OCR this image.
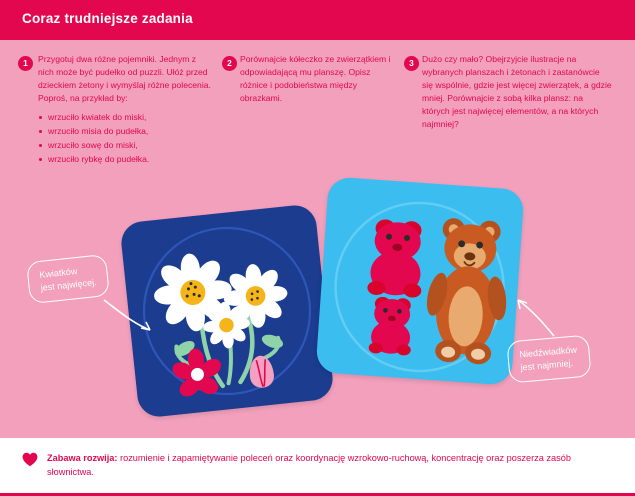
Coraz trudniejsze zadania
1	Przygotuj dwa różne pojemniki. Jednym z nich może być pudełko od puzzli. Ułóż przed dzieckiem żetony i wymyślaj różne polecenia. Poproś, na przykład by:
wrzuciło kwiatek do miski,
wrzuciło misia do pudełka,
wrzuciło sowę do miski,
wrzuciło rybkę do pudełka.
2 Porównajcie kółeczko ze zwierzątkiem i odpowiadającą mu planszę. Opisz różnice i podobieństwa między obrazkami.
3 Dużo czy mało? Obejrzyjcie ilustracje na wybranych planszach i żetonach i zastanówcie się wspólnie, gdzie jest więcej zwierzątek, a gdzie mniej. Porównajcie z sobą kilka plansz: na których jest najwięcej elementów, a na których najmniej?
Kwiatków
jest najwięcej.
Niedźwiadków
jest najmniej.
Zabawa rozwija: rozumienie i zapamiętywanie poleceń oraz koordynację wzrokowo-ruchową, koncentrację oraz poszerza zasób słownictwa.
